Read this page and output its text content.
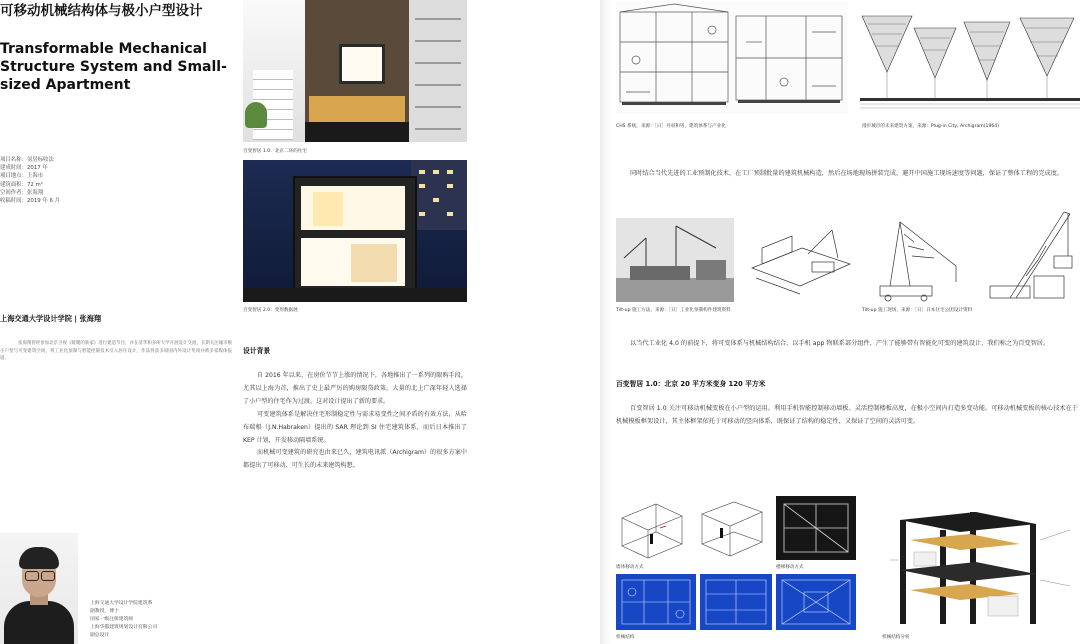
可移动机械结构体与极小户型设计
Transformable Mechanical Structure System and Small-sized Apartment
项目名称：氢居标收法
建成时间：2017 年
项目地点：上海市
建筑面积：72 m²
空间作者：张海翔
收稿时间：2019 年 6 月
上海交通大学设计学院 | 张海翔
张海翔曾经参加北京卫视《暖暖的新家》进行建造节目，并在清华和多所大学开展设计交流，长期关注城市极小户型与可变建筑空间，将工业化预制与智能控制技术引入居住设计，作品曾获多项国内外设计奖项并被多家媒体报道。
上海交通大学设计学院建筑系
副教授，博士
国家一级注册建筑师
上海华都建筑规划设计有限公司
副总设计
百变智居 1.0：北京二环的住宅
百变智居 2.0：变形数据展
设计背景

自 2016 年以来，在房价节节上涨的情况下，各地推出了一系列的限购手段，尤其以上海为首，推出了史上最严厉的购房限贷政策。大量的北上广深年轻人选择了小户型的住宅作为过渡，这对设计提出了新的要求。

可变建筑体系是解决住宅形制稳定性与需求易变性之间矛盾的有效方法，从哈布瑞根（J.N.Habraken）提出的 SAR 理论到 SI 住宅建筑体系，而后日本推出了 KEP 计划，开发移动隔墙系统。

而机械可变建筑的研究也由来已久，建筑电讯派（Archigram）的很多方案中都提出了可移动、可生长的未来建筑构想。

CHS 系统，来源：［日］丹羽和男，建筑体系与产业化	漫步城市的未来建筑方案，来源：Plug-in City, Archigram(1964)
同时结合当代先进的工业预制化技术，在工厂预制批量的建筑机械构造，然后在场地现场拼装完成，避开中国施工现场速度等问题，保证了整体工程的完成度。
Tilt-up 施工方法，来源：［日］工业化预制构件建筑资料	Tilt-up 施工现场，来源：［日］日本住宅公团设计资料
以当代工业化 4.0 的前提下，将可变体系与机械结构结合，以手机 app 物联系部分组件，产生了能够带有智能化可变的建筑设计，我们称之为百变智居。
百变智居 1.0：北京 20 平方米变身 120 平方米
百变智居 1.0 关注可移动机械变板在小户型的运用。利用手机智能控制移动墙板、灵活控制楼板高度，在极小空间内打造多变功能。可移动机械变板的核心技术在于机械模板框架设计，其主体框架依托于可移动的竖向体系，既保证了结构的稳定性，又保证了空间的灵活可变。
墙体移动方式	楼梯移动方式
机械结构	机械结构分析
